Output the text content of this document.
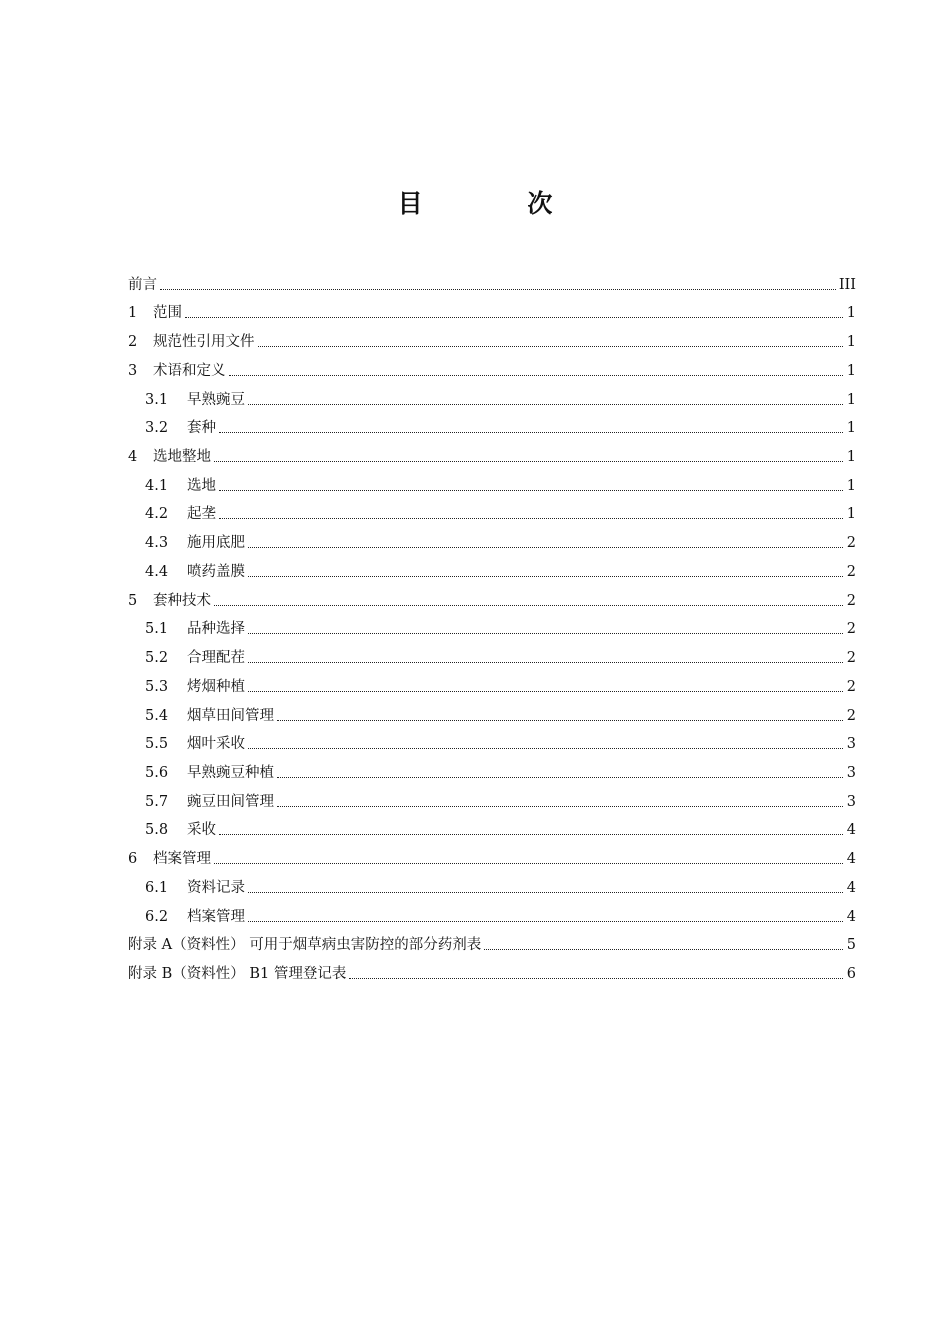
目 次
前言	III
1	范围	1
2	规范性引用文件	1
3	术语和定义	1
3.1	早熟豌豆	1
3.2	套种	1
4	选地整地	1
4.1	选地	1
4.2	起垄	1
4.3	施用底肥	2
4.4	喷药盖膜	2
5	套种技术	2
5.1	品种选择	2
5.2	合理配茬	2
5.3	烤烟种植	2
5.4	烟草田间管理	2
5.5	烟叶采收	3
5.6	早熟豌豆种植	3
5.7	豌豆田间管理	3
5.8	采收	4
6	档案管理	4
6.1	资料记录	4
6.2	档案管理	4
附录 A（资料性） 可用于烟草病虫害防控的部分药剂表	5
附录 B（资料性） B1 管理登记表	6
